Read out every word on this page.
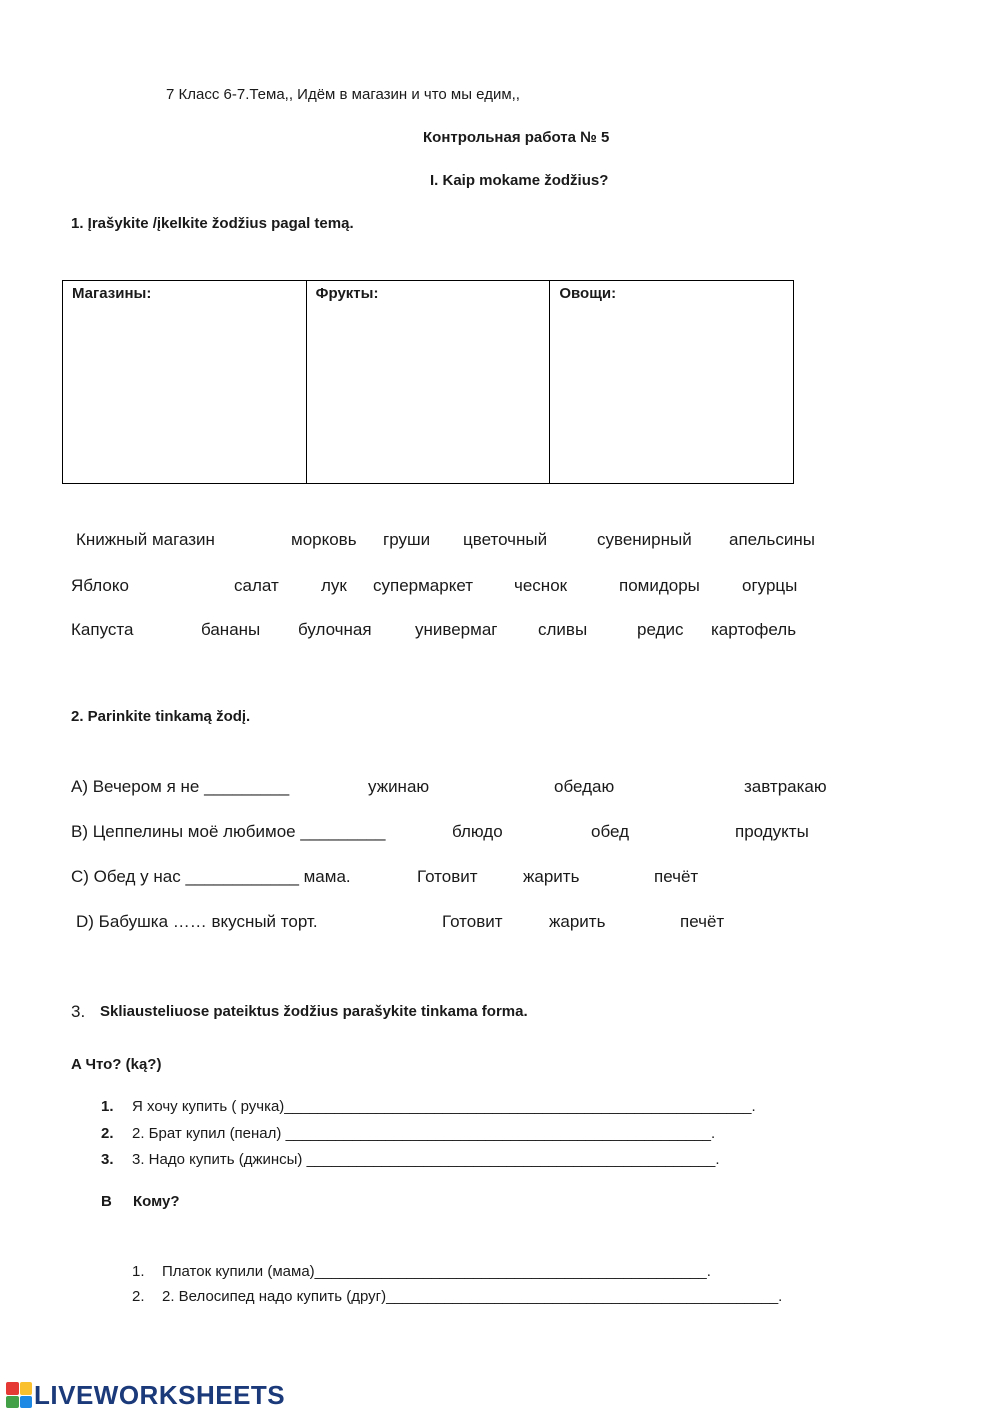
7 Класс 6-7.Тема,, Идём в магазин и что мы едим,,
Контрольная работа № 5
I. Kaip mokame žodžius?
1. Įrašykite /įkelkite žodžius pagal temą.
Магазины:	Фрукты:	Овощи:
Книжный магазин	морковь груши цветочный	сувенирный апельсины
Яблоко	салат лук супермаркет чеснок	помидоры огурцы
Капуста	бананы булочная	универмаг сливы	редис картофель
2. Parinkite tinkamą žodį.
A) Вечером я не _________	ужинаю	обедаю	завтракаю
B) Цеппелины моё любимое _________	блюдо	обед	продукты
C) Обед у нас ____________ мама.	Готовит	жарить	печёт
D) Бабушка …… вкусный торт.	Готовит	жарить	печёт
3. Skliausteliuose pateiktus žodžius parašykite tinkama forma.
A Что? (ką?)
1. Я хочу купить ( ручка)________________________________________________________.
2. 2. Брат купил (пенал) ___________________________________________________.
3. 3. Надо купить (джинсы) _________________________________________________.
B Кому?
1. Платок купили (мама)_______________________________________________.
2. 2. Велосипед надо купить (друг)_______________________________________________.
LIVEWORKSHEETS
